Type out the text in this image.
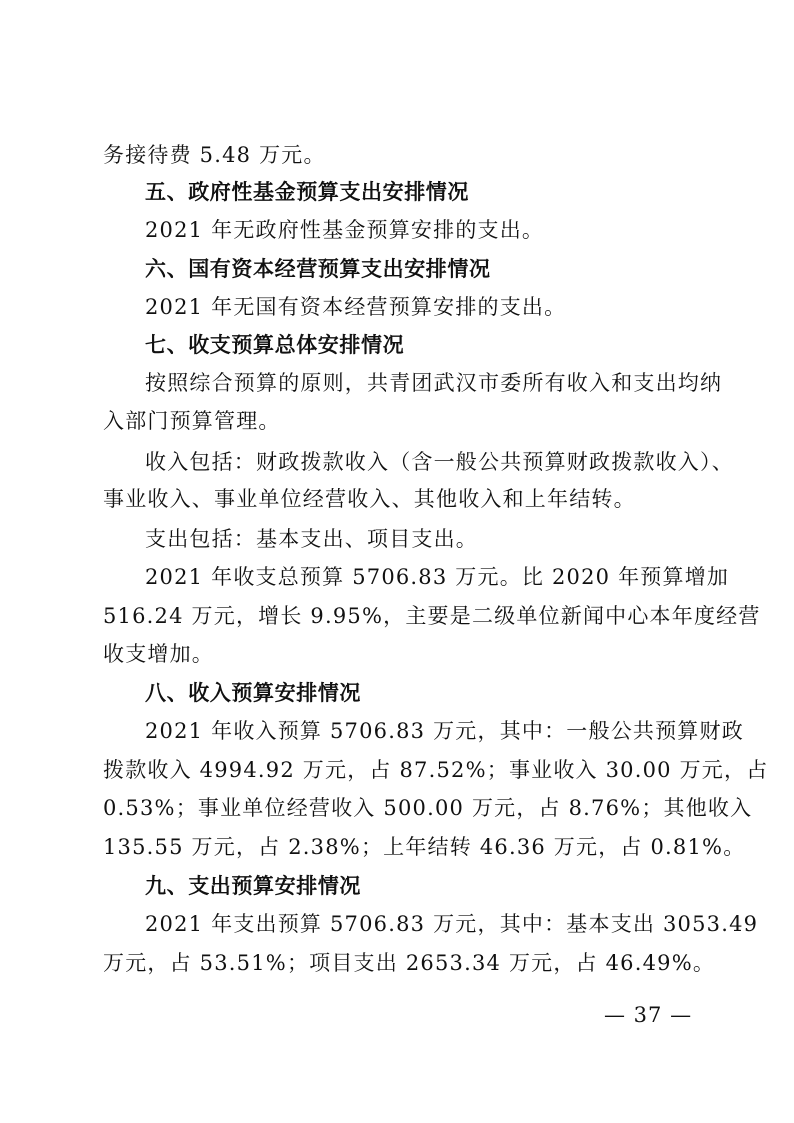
务接待费 5.48 万元。
五、政府性基金预算支出安排情况
2021 年无政府性基金预算安排的支出。
六、国有资本经营预算支出安排情况
2021 年无国有资本经营预算安排的支出。
七、收支预算总体安排情况
按照综合预算的原则，共青团武汉市委所有收入和支出均纳
入部门预算管理。
收入包括：财政拨款收入（含一般公共预算财政拨款收入）、
事业收入、事业单位经营收入、其他收入和上年结转。
支出包括：基本支出、项目支出。
2021 年收支总预算 5706.83 万元。比 2020 年预算增加
516.24 万元，增长 9.95%，主要是二级单位新闻中心本年度经营
收支增加。
八、收入预算安排情况
2021 年收入预算 5706.83 万元，其中：一般公共预算财政
拨款收入 4994.92 万元，占 87.52%；事业收入 30.00 万元，占
0.53%；事业单位经营收入 500.00 万元，占 8.76%；其他收入
135.55 万元，占 2.38%；上年结转 46.36 万元，占 0.81%。
九、支出预算安排情况
2021 年支出预算 5706.83 万元，其中：基本支出 3053.49
万元，占 53.51%；项目支出 2653.34 万元，占 46.49%。
— 37 —
